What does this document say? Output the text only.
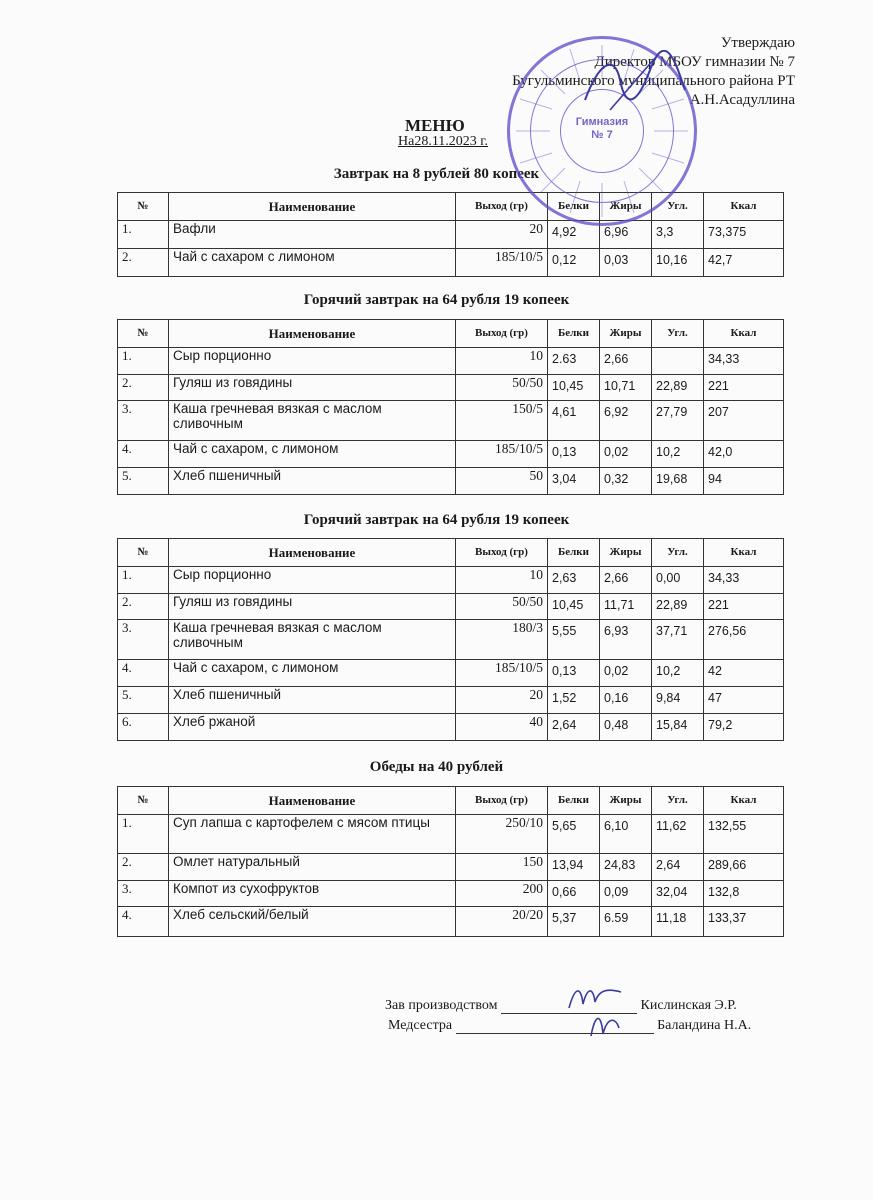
Утверждаю
Директор МБОУ гимназии № 7
Бугульминского муниципального района РТ
А.Н.Асадуллина
Гимназия
№ 7
МЕНЮ
На28.11.2023 г.
Завтрак на 8 рублей 80 копеек
№	Наименование	Выход (гр)	Белки	Жиры	Угл.	Ккал
1.	Вафли	20	4,92	6,96	3,3	73,375
2.	Чай с сахаром с лимоном	185/10/5	0,12	0,03	10,16	42,7
Горячий завтрак на 64 рубля 19 копеек
№	Наименование	Выход (гр)	Белки	Жиры	Угл.	Ккал
1.	Сыр порционно	10	2.63	2,66		34,33
2.	Гуляш из говядины	50/50	10,45	10,71	22,89	221
3.	Каша гречневая вязкая с маслом сливочным	150/5	4,61	6,92	27,79	207
4.	Чай с сахаром, с лимоном	185/10/5	0,13	0,02	10,2	42,0
5.	Хлеб пшеничный	50	3,04	0,32	19,68	94
Горячий завтрак на 64 рубля 19 копеек
№	Наименование	Выход (гр)	Белки	Жиры	Угл.	Ккал
1.	Сыр порционно	10	2,63	2,66	0,00	34,33
2.	Гуляш из говядины	50/50	10,45	11,71	22,89	221
3.	Каша гречневая вязкая с маслом сливочным	180/3	5,55	6,93	37,71	276,56
4.	Чай с сахаром, с лимоном	185/10/5	0,13	0,02	10,2	42
5.	Хлеб пшеничный	20	1,52	0,16	9,84	47
6.	Хлеб ржаной	40	2,64	0,48	15,84	79,2
Обеды на 40 рублей
№	Наименование	Выход (гр)	Белки	Жиры	Угл.	Ккал
1.	Суп лапша с картофелем с мясом птицы	250/10	5,65	6,10	11,62	132,55
2.	Омлет натуральный	150	13,94	24,83	2,64	289,66
3.	Компот из сухофруктов	200	0,66	0,09	32,04	132,8
4.	Хлеб сельский/белый	20/20	5,37	6.59	11,18	133,37
Зав производством	Кислинская Э.Р.
Медсестра	Баландина Н.А.
